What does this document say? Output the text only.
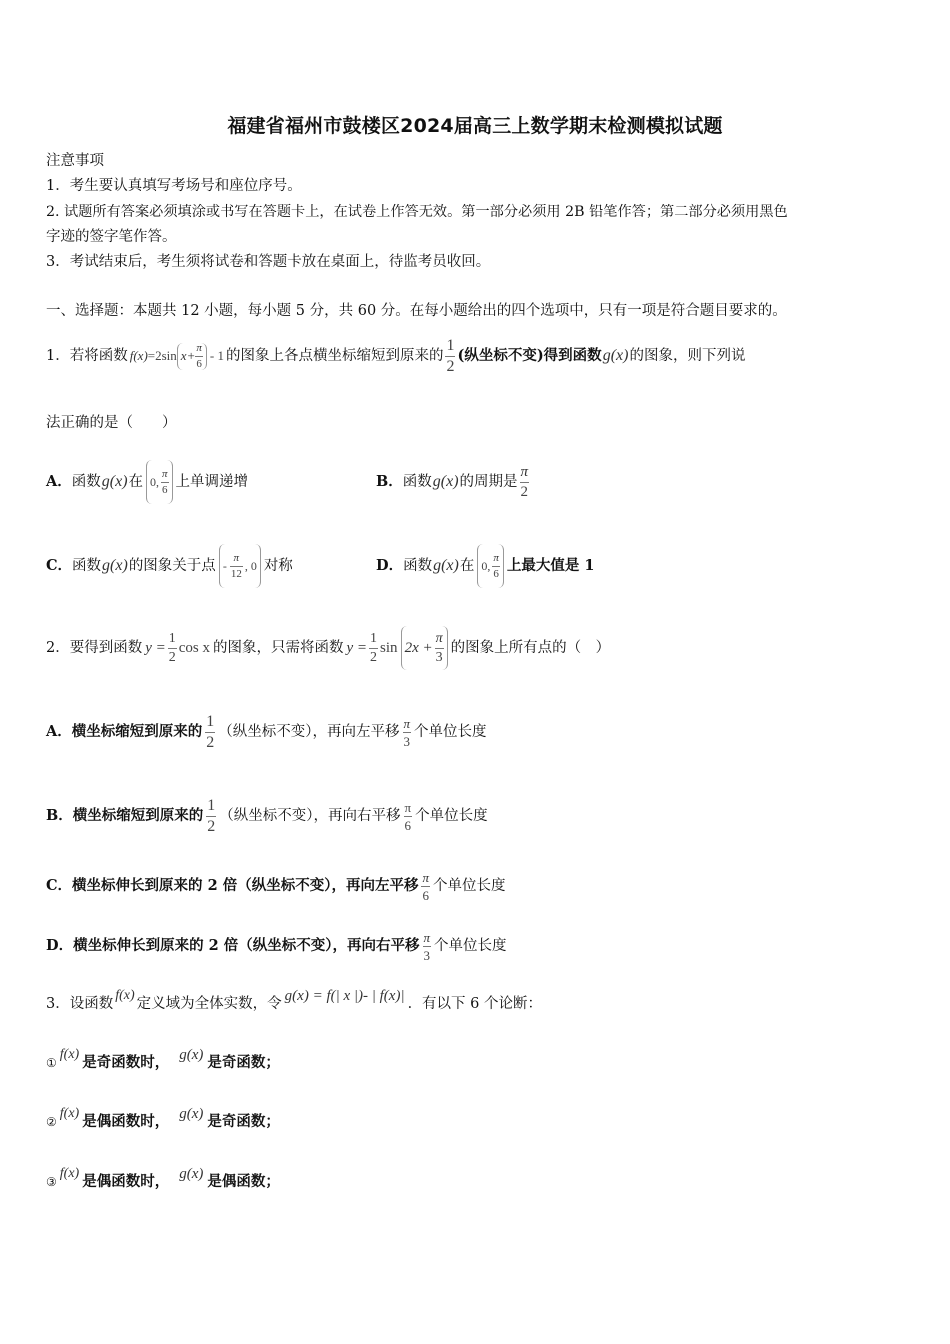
福建省福州市鼓楼区2024届高三上数学期末检测模拟试题
注意事项
1．考生要认真填写考场号和座位序号。
2. 试题所有答案必须填涂或书写在答题卡上，在试卷上作答无效。第一部分必须用 2B 铅笔作答；第二部分必须用黑色
字迹的签字笔作答。
3．考试结束后，考生须将试卷和答题卡放在桌面上，待监考员收回。
一、选择题：本题共 12 小题，每小题 5 分，共 60 分。在每小题给出的四个选项中，只有一项是符合题目要求的。
1．若将函数 f(x) =2sin $x+ \frac{\pi}{6} - 1$ 的图象上各点横坐标缩短到原来的 $\frac{1}{2}$ (纵坐标不变)得到函数 g(x) 的图象，则下列说
法正确的是（　　）
A． 函数 g(x) 在 0, $\frac{\pi}{6}$ 上单调递增	B． 函数 g(x) 的周期是 $\frac{\pi}{2}$
C． 函数 g(x) 的图象关于点 - $\frac{\pi}{12}$ , 0 对称	D． 函数 g(x) 在 0, $\frac{\pi}{6}$ 上最大值是 1
2．要得到函数 $y = \frac{1}{2}$ cos x 的图象，只需将函数 $y = \frac{1}{2}$ $\sin 2x + \frac{\pi}{3}$ 的图象上所有点的（　）
A．横坐标缩短到原来的 $\frac{1}{2}$ （纵坐标不变），再向左平移 $\frac{\pi}{3}$ 个单位长度
B．横坐标缩短到原来的 $\frac{1}{2}$ （纵坐标不变），再向右平移 $\frac{\pi}{6}$ 个单位长度
C．横坐标伸长到原来的 2 倍（纵坐标不变），再向左平移 $\frac{\pi}{6}$ 个单位长度
D．横坐标伸长到原来的 2 倍（纵坐标不变），再向右平移 $\frac{\pi}{3}$ 个单位长度
3．设函数
f(x)
定义域为全体实数，令 g(x) = f(| x |)- | f(x)| ．有以下 6 个论断：
①
f(x) 是奇函数时， g(x) 是奇函数；
②
f(x) 是偶函数时， g(x) 是奇函数；
③
f(x) 是偶函数时， g(x) 是偶函数；
